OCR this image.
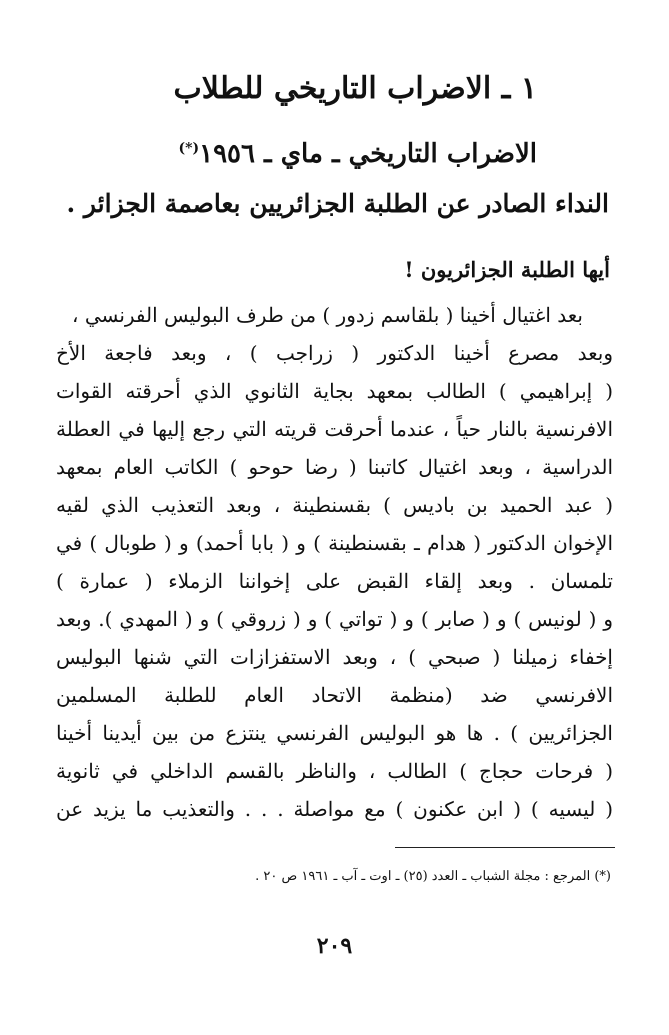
١ ـ الاضراب التاريخي للطلاب
الاضراب التاريخي ـ ماي ـ ١٩٥٦(*)
النداء الصادر عن الطلبة الجزائريين بعاصمة الجزائر .
أيها الطلبة الجزائريون !
بعد اغتيال أخينا ( بلقاسم زدور ) من طرف البوليس الفرنسي ،
وبعد مصرع أخينا الدكتور ( زراجب ) ، وبعد فاجعة الأخ
( إبراهيمي ) الطالب بمعهد بجاية الثانوي الذي أحرقته القوات
الافرنسية بالنار حياً ، عندما أحرقت قريته التي رجع إليها في العطلة
الدراسية ، وبعد اغتيال كاتبنا ( رضا حوحو ) الكاتب العام بمعهد
( عبد الحميد بن باديس ) بقسنطينة ، وبعد التعذيب الذي لقيه
الإخوان الدكتور ( هدام ـ بقسنطينة ) و ( بابا أحمد) و ( طوبال ) في
تلمسان . وبعد إلقاء القبض على إخواننا الزملاء ( عمارة )
و ( لونيس ) و ( صابر ) و ( تواتي ) و ( زروقي ) و ( المهدي ). وبعد
إخفاء زميلنا ( صبحي ) ، وبعد الاستفزازات التي شنها البوليس
الافرنسي ضد (منظمة الاتحاد العام للطلبة المسلمين
الجزائريين ) . ها هو البوليس الفرنسي ينتزع من بين أيدينا أخينا
( فرحات حجاج ) الطالب ، والناظر بالقسم الداخلي في ثانوية
( ليسيه ) ( ابن عكنون ) مع مواصلة . . . والتعذيب ما يزيد عن
(*) المرجع : مجلة الشباب ـ العدد (٢٥) ـ اوت ـ آب ـ ١٩٦١ ص ٢٠ .
٢٠٩
